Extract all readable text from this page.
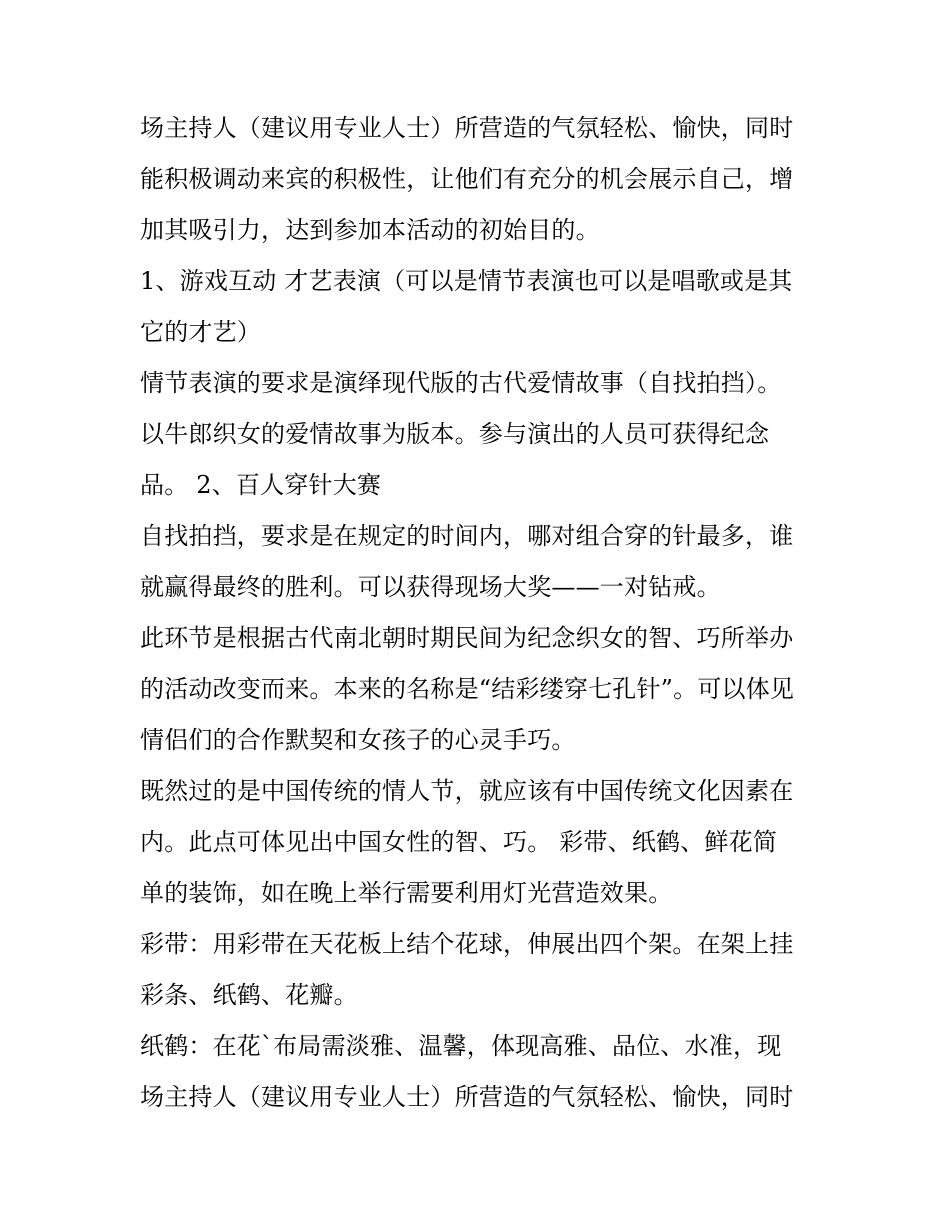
场主持人（建议用专业人士）所营造的气氛轻松、愉快，同时
能积极调动来宾的积极性，让他们有充分的机会展示自己，增
加其吸引力，达到参加本活动的初始目的。
1、游戏互动 才艺表演（可以是情节表演也可以是唱歌或是其
它的才艺）
情节表演的要求是演绎现代版的古代爱情故事（自找拍挡）。
以牛郎织女的爱情故事为版本。参与演出的人员可获得纪念
品。 2、百人穿针大赛
自找拍挡，要求是在规定的时间内，哪对组合穿的针最多，谁
就赢得最终的胜利。可以获得现场大奖——一对钻戒。
此环节是根据古代南北朝时期民间为纪念织女的智、巧所举办
的活动改变而来。本来的名称是“结彩缕穿七孔针”。可以体见
情侣们的合作默契和女孩子的心灵手巧。
既然过的是中国传统的情人节，就应该有中国传统文化因素在
内。此点可体见出中国女性的智、巧。 彩带、纸鹤、鲜花简
单的装饰，如在晚上举行需要利用灯光营造效果。
彩带：用彩带在天花板上结个花球，伸展出四个架。在架上挂
彩条、纸鹤、花瓣。
纸鹤：在花`布局需淡雅、温馨，体现高雅、品位、水准，现
场主持人（建议用专业人士）所营造的气氛轻松、愉快，同时
